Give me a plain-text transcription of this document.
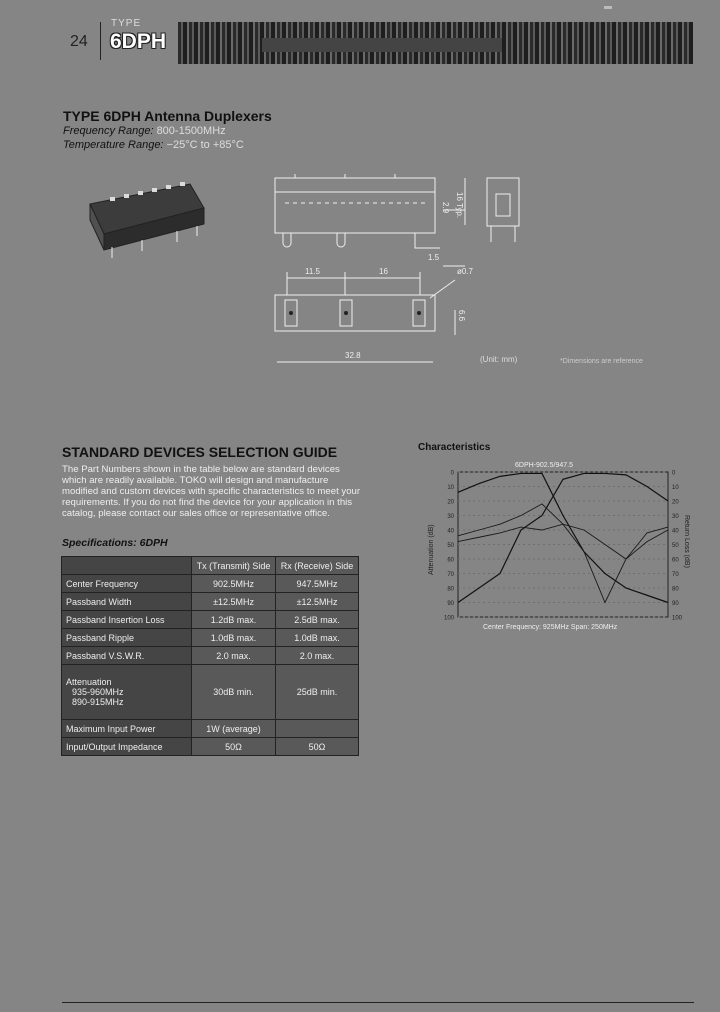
24
TYPE
6DPH
TYPE 6DPH Antenna Duplexers
Frequency Range: 800-1500MHz
Temperature Range: −25°C to +85°C
11.5	16
32.8
1.5
2.9 16 Typ.
ø0.7
6.6
(Unit: mm)	*Dimensions are reference
STANDARD DEVICES SELECTION GUIDE
The Part Numbers shown in the table below are standard devices which are readily available. TOKO will design and manufacture modified and custom devices with specific characteristics to meet your requirements. If you do not find the device for your application in this catalog, please contact our sales office or representative office.
Specifications: 6DPH
	Tx (Transmit) Side	Rx (Receive) Side
Center Frequency	902.5MHz	947.5MHz
Passband Width	±12.5MHz	±12.5MHz
Passband Insertion Loss	1.2dB max.	2.5dB max.
Passband Ripple	1.0dB max.	1.0dB max.
Passband V.S.W.R.	2.0 max.	2.0 max.
Attenuation
935-960MHz
890-915MHz	30dB min.	25dB min.
Maximum Input Power	1W (average)	
Input/Output Impedance	50Ω	50Ω
Characteristics
0	0
10	10
20	20
30	30
40	40
50	50
60	60
70	70
80	80
90	90
100	100
6DPH-902.5/947.5
Center Frequency: 925MHz Span: 250MHz
Attenuation (dB)	Return Loss (dB)
